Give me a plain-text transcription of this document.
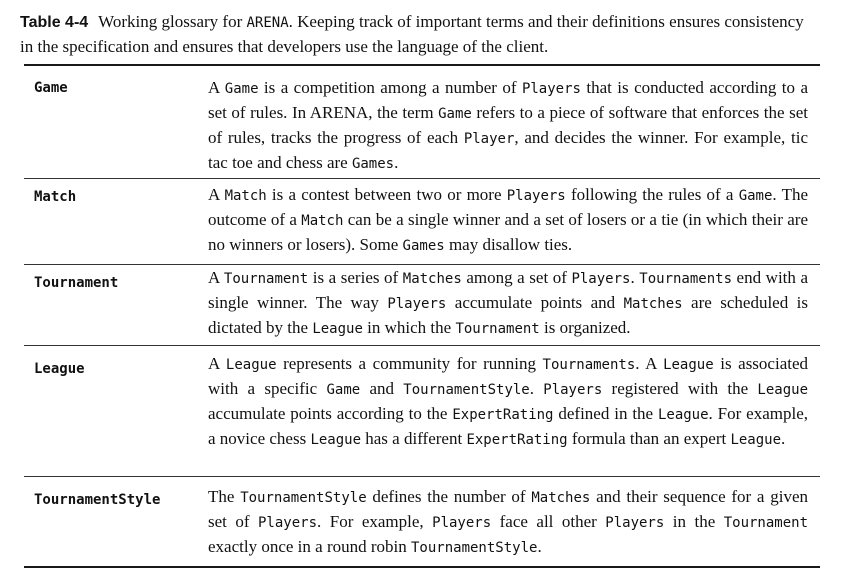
Table 4-4 Working glossary for ARENA. Keeping track of important terms and their definitions ensures consistency in the specification and ensures that developers use the language of the client.
Game	A Game is a competition among a number of Players that is conducted according to a set of rules. In ARENA, the term Game refers to a piece of software that enforces the set of rules, tracks the progress of each Player, and decides the winner. For example, tic tac toe and chess are Games.
Match	A Match is a contest between two or more Players following the rules of a Game. The outcome of a Match can be a single winner and a set of losers or a tie (in which their are no winners or losers). Some Games may disallow ties.
Tournament	A Tournament is a series of Matches among a set of Players. Tournaments end with a single winner. The way Players accumulate points and Matches are scheduled is dictated by the League in which the Tournament is organized.
League	A League represents a community for running Tournaments. A League is associated with a specific Game and TournamentStyle. Players registered with the League accumulate points according to the ExpertRating defined in the League. For example, a novice chess League has a different ExpertRating formula than an expert League.
TournamentStyle	The TournamentStyle defines the number of Matches and their sequence for a given set of Players. For example, Players face all other Players in the Tournament exactly once in a round robin TournamentStyle.
